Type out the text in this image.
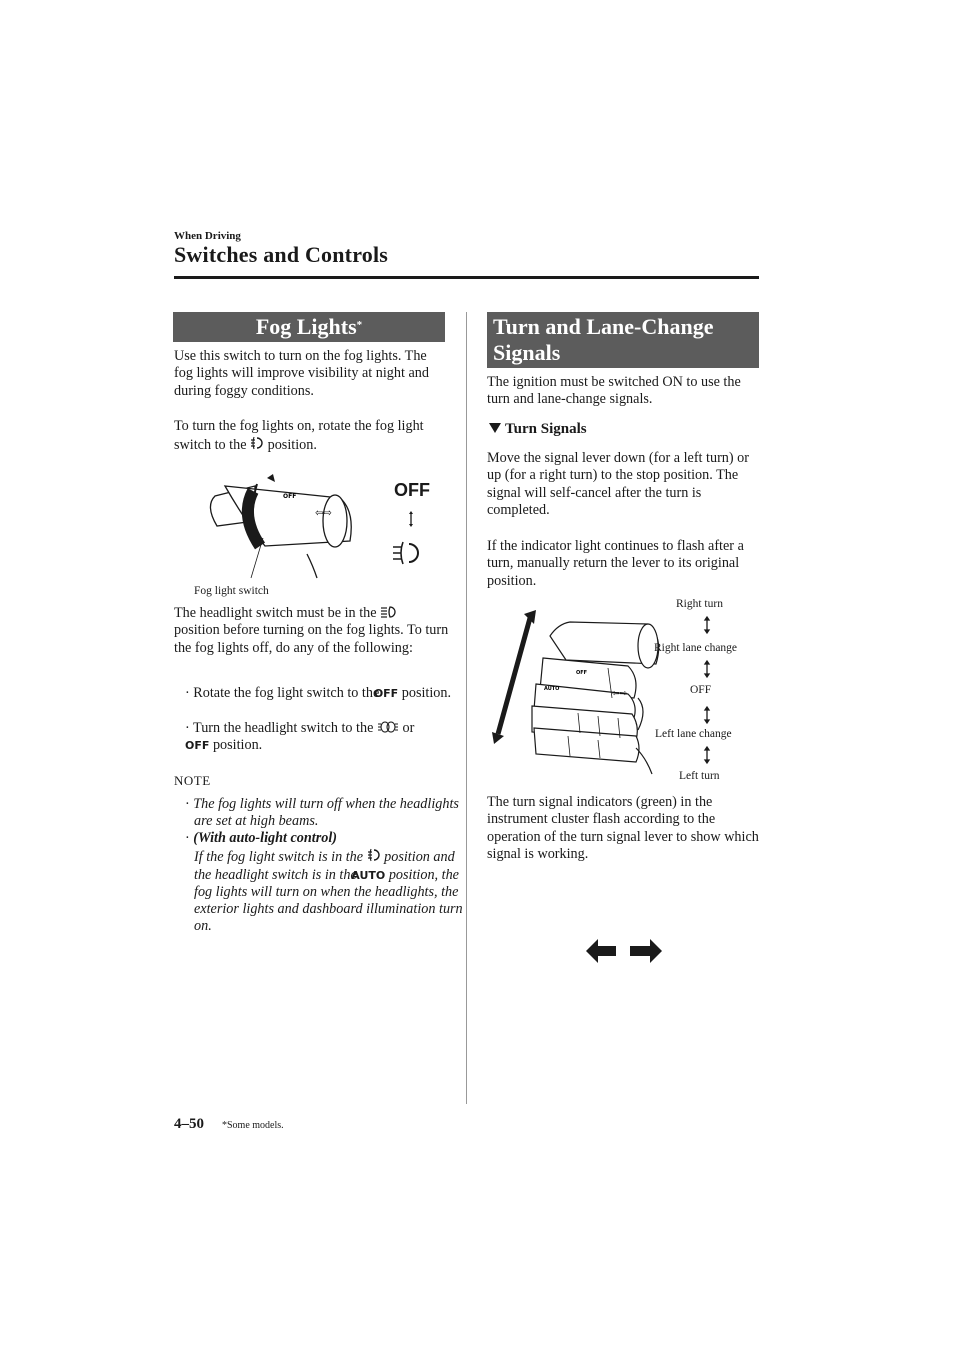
When Driving
Switches and Controls
Fog Lights*
Use this switch to turn on the fog lights. The fog lights will improve visibility at night and during foggy conditions.
To turn the fog lights on, rotate the fog light switch to the position.
OFF
⇦⇨
OFF
Fog light switch
The headlight switch must be in the  position before turning on the fog lights. To turn the fog lights off, do any of the following:
· Rotate the fog light switch to the OFF position.
· Turn the headlight switch to the or
OFF position.
NOTE
· The fog lights will turn off when the headlights are set at high beams.
· (With auto-light control)
If the fog light switch is in the position and the headlight switch is in the AUTO position, the fog lights will turn on when the headlights, the exterior lights and dashboard illumination turn on.
Turn and Lane-Change Signals
The ignition must be switched ON to use the turn and lane-change signals.
Turn Signals
Move the signal lever down (for a left turn) or up (for a right turn) to the stop position. The signal will self-cancel after the turn is completed.
If the indicator light continues to flash after a turn, manually return the lever to its original position.
OFF
AUTO	⇦⇨
Right turn
Right lane change
OFF
Left lane change
Left turn
The turn signal indicators (green) in the instrument cluster flash according to the operation of the turn signal lever to show which signal is working.
4–50 *Some models.
